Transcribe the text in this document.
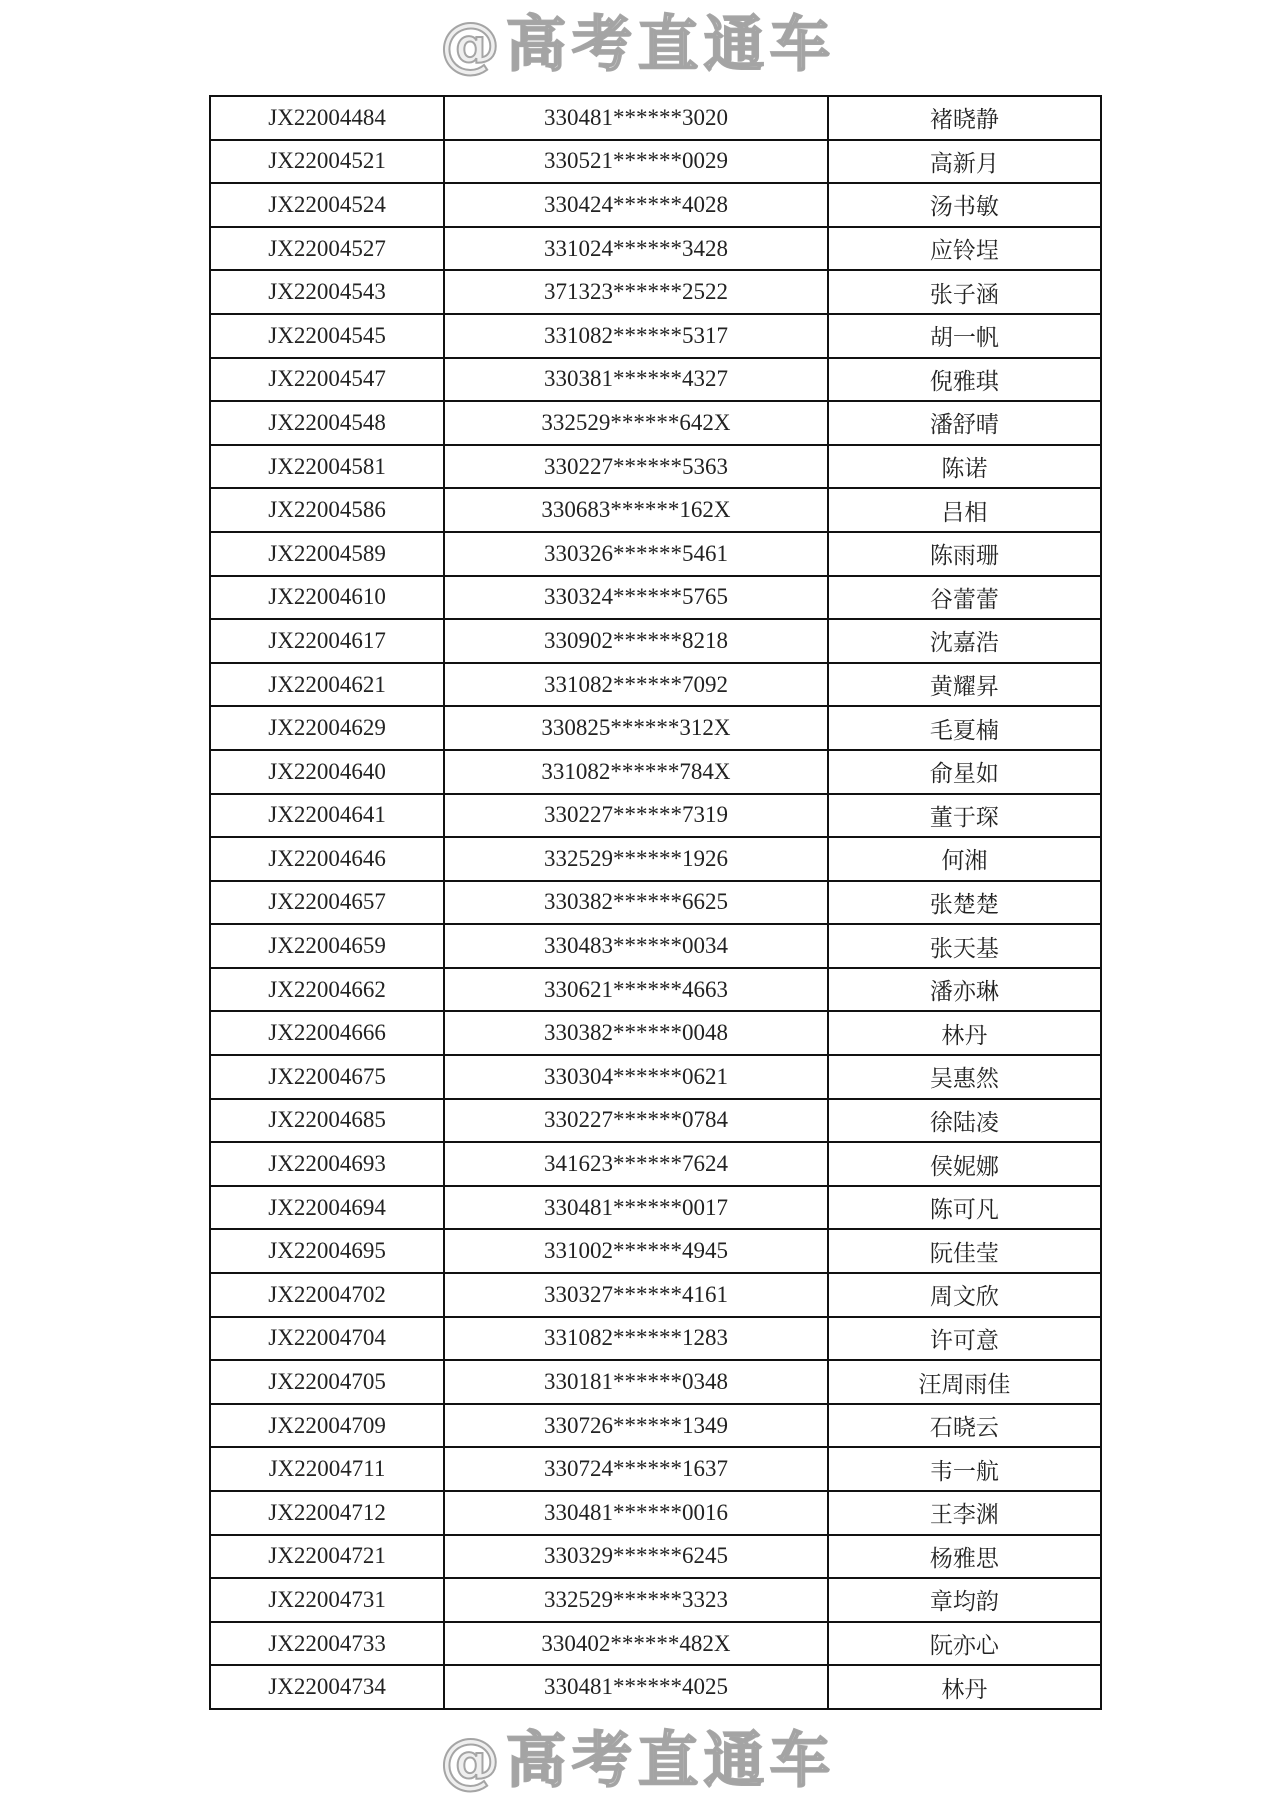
JX22004484	330481******3020	褚晓静
JX22004521	330521******0029	高新月
JX22004524	330424******4028	汤书敏
JX22004527	331024******3428	应铃埕
JX22004543	371323******2522	张子涵
JX22004545	331082******5317	胡一帆
JX22004547	330381******4327	倪雅琪
JX22004548	332529******642X	潘舒晴
JX22004581	330227******5363	陈诺
JX22004586	330683******162X	吕相
JX22004589	330326******5461	陈雨珊
JX22004610	330324******5765	谷蕾蕾
JX22004617	330902******8218	沈嘉浩
JX22004621	331082******7092	黄耀昇
JX22004629	330825******312X	毛夏楠
JX22004640	331082******784X	俞星如
JX22004641	330227******7319	董于琛
JX22004646	332529******1926	何湘
JX22004657	330382******6625	张楚楚
JX22004659	330483******0034	张天基
JX22004662	330621******4663	潘亦琳
JX22004666	330382******0048	林丹
JX22004675	330304******0621	吴惠然
JX22004685	330227******0784	徐陆凌
JX22004693	341623******7624	侯妮娜
JX22004694	330481******0017	陈可凡
JX22004695	331002******4945	阮佳莹
JX22004702	330327******4161	周文欣
JX22004704	331082******1283	许可意
JX22004705	330181******0348	汪周雨佳
JX22004709	330726******1349	石晓云
JX22004711	330724******1637	韦一航
JX22004712	330481******0016	王李渊
JX22004721	330329******6245	杨雅思
JX22004731	332529******3323	章均韵
JX22004733	330402******482X	阮亦心
JX22004734	330481******4025	林丹
@高考直通车
@高考直通车
